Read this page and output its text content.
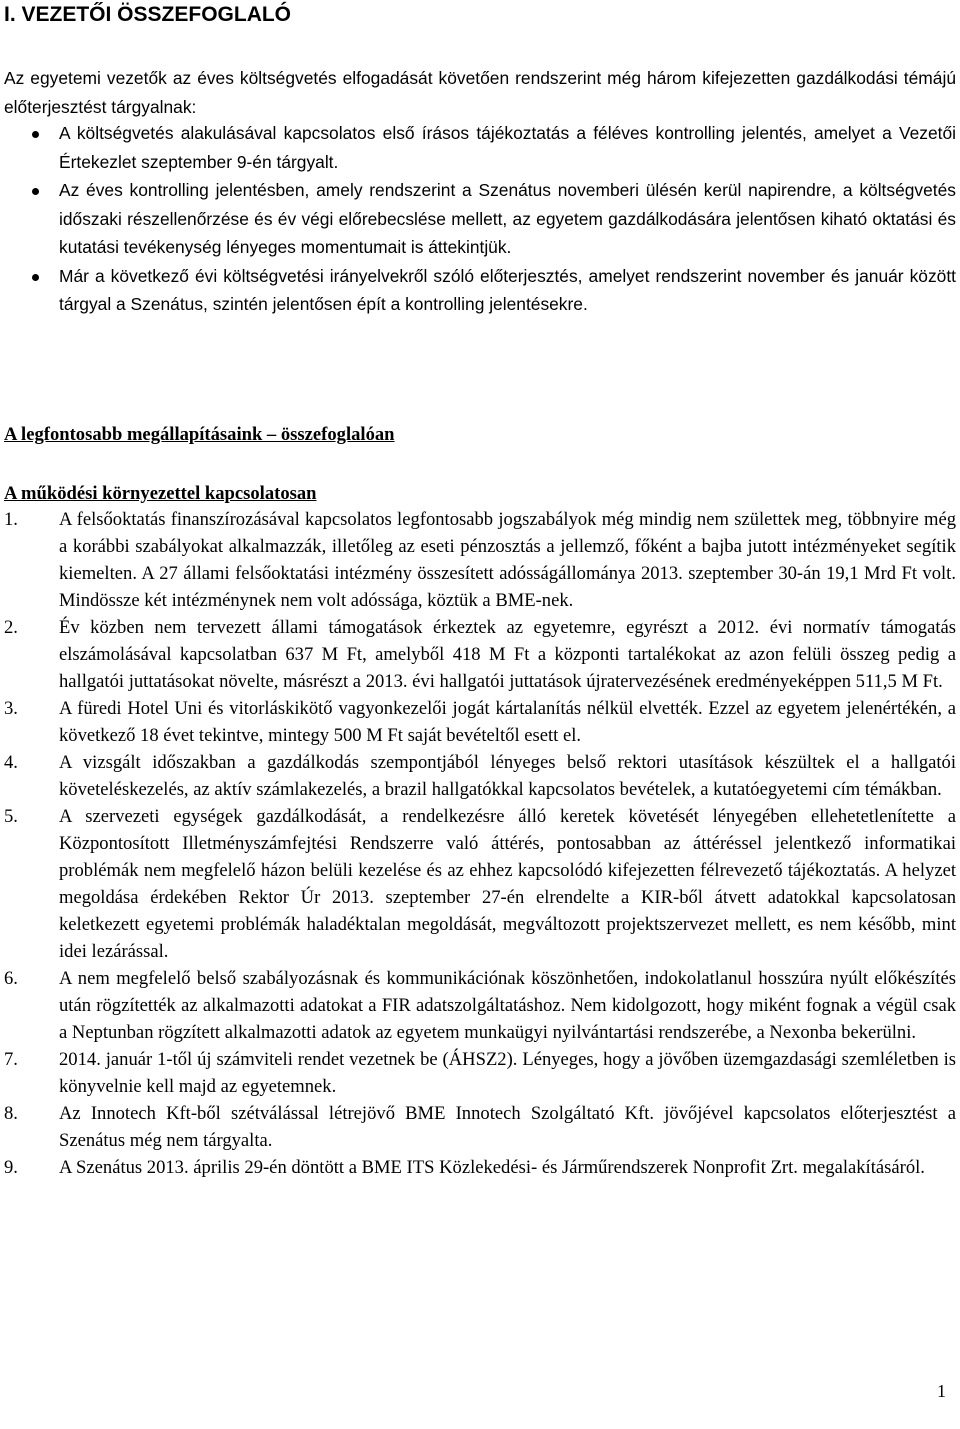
I. VEZETŐI ÖSSZEFOGLALÓ
Az egyetemi vezetők az éves költségvetés elfogadását követően rendszerint még három kifejezetten gazdálkodási témájú előterjesztést tárgyalnak:
A költségvetés alakulásával kapcsolatos első írásos tájékoztatás a féléves kontrolling jelentés, amelyet a Vezetői Értekezlet szeptember 9-én tárgyalt.
Az éves kontrolling jelentésben, amely rendszerint a Szenátus novemberi ülésén kerül napirendre, a költségvetés időszaki részellenőrzése és év végi előrebecslése mellett, az egyetem gazdálkodására jelentősen kiható oktatási és kutatási tevékenység lényeges momentumait is áttekintjük.
Már a következő évi költségvetési irányelvekről szóló előterjesztés, amelyet rendszerint november és január között tárgyal a Szenátus, szintén jelentősen épít a kontrolling jelentésekre.
A legfontosabb megállapításaink – összefoglalóan
A működési környezettel kapcsolatosan
1. A felsőoktatás finanszírozásával kapcsolatos legfontosabb jogszabályok még mindig nem születtek meg, többnyire még a korábbi szabályokat alkalmazzák, illetőleg az eseti pénzosztás a jellemző, főként a bajba jutott intézményeket segítik kiemelten. A 27 állami felsőoktatási intézmény összesített adósságállománya 2013. szeptember 30-án 19,1 Mrd Ft volt. Mindössze két intézménynek nem volt adóssága, köztük a BME-nek.
2. Év közben nem tervezett állami támogatások érkeztek az egyetemre, egyrészt a 2012. évi normatív támogatás elszámolásával kapcsolatban 637 M Ft, amelyből 418 M Ft a központi tartalékokat az azon felüli összeg pedig a hallgatói juttatásokat növelte, másrészt a 2013. évi hallgatói juttatások újratervezésének eredményeképpen 511,5 M Ft.
3. A füredi Hotel Uni és vitorláskikötő vagyonkezelői jogát kártalanítás nélkül elvették. Ezzel az egyetem jelenértékén, a következő 18 évet tekintve, mintegy 500 M Ft saját bevételtől esett el.
4. A vizsgált időszakban a gazdálkodás szempontjából lényeges belső rektori utasítások készültek el a hallgatói követeléskezelés, az aktív számlakezelés, a brazil hallgatókkal kapcsolatos bevételek, a kutatóegyetemi cím témákban.
5. A szervezeti egységek gazdálkodását, a rendelkezésre álló keretek követését lényegében ellehetetlenítette a Központosított Illetményszámfejtési Rendszerre való áttérés, pontosabban az áttéréssel jelentkező informatikai problémák nem megfelelő házon belüli kezelése és az ehhez kapcsolódó kifejezetten félrevezető tájékoztatás. A helyzet megoldása érdekében Rektor Úr 2013. szeptember 27-én elrendelte a KIR-ből átvett adatokkal kapcsolatosan keletkezett egyetemi problémák haladéktalan megoldását, megváltozott projektszervezet mellett, es nem később, mint idei lezárással.
6. A nem megfelelő belső szabályozásnak és kommunikációnak köszönhetően, indokolatlanul hosszúra nyúlt előkészítés után rögzítették az alkalmazotti adatokat a FIR adatszolgáltatáshoz. Nem kidolgozott, hogy miként fognak a végül csak a Neptunban rögzített alkalmazotti adatok az egyetem munkaügyi nyilvántartási rendszerébe, a Nexonba bekerülni.
7. 2014. január 1-től új számviteli rendet vezetnek be (ÁHSZ2). Lényeges, hogy a jövőben üzemgazdasági szemléletben is könyvelnie kell majd az egyetemnek.
8. Az Innotech Kft-ből szétválással létrejövő BME Innotech Szolgáltató Kft. jövőjével kapcsolatos előterjesztést a Szenátus még nem tárgyalta.
9. A Szenátus 2013. április 29-én döntött a BME ITS Közlekedési- és Járműrendszerek Nonprofit Zrt. megalakításáról.
1
